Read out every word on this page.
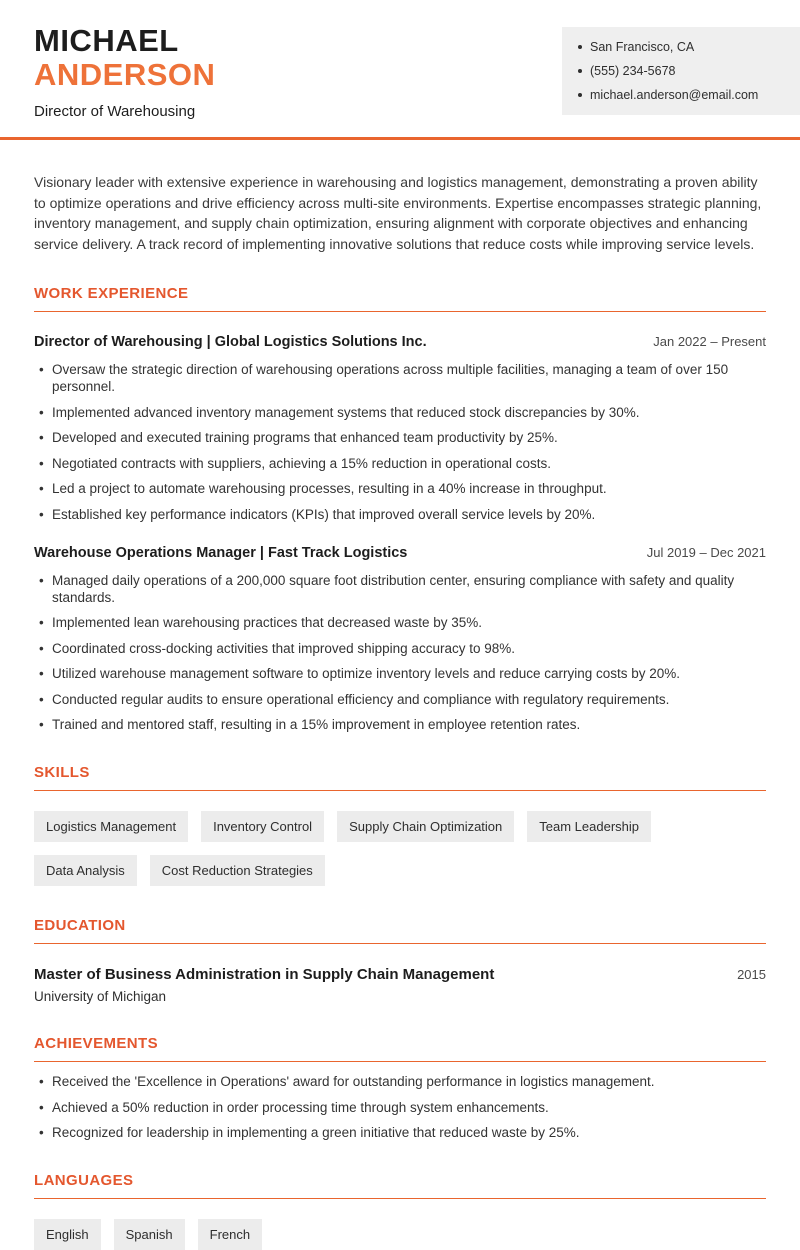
MICHAEL
ANDERSON
Director of Warehousing
San Francisco, CA
(555) 234-5678
michael.anderson@email.com

Visionary leader with extensive experience in warehousing and logistics management, demonstrating a proven ability to optimize operations and drive efficiency across multi-site environments. Expertise encompasses strategic planning, inventory management, and supply chain optimization, ensuring alignment with corporate objectives and enhancing service delivery. A track record of implementing innovative solutions that reduce costs while improving service levels.

WORK EXPERIENCE
Director of Warehousing | Global Logistics Solutions Inc.	Jan 2022 – Present
• Oversaw the strategic direction of warehousing operations across multiple facilities, managing a team of over 150 personnel.
• Implemented advanced inventory management systems that reduced stock discrepancies by 30%.
• Developed and executed training programs that enhanced team productivity by 25%.
• Negotiated contracts with suppliers, achieving a 15% reduction in operational costs.
• Led a project to automate warehousing processes, resulting in a 40% increase in throughput.
• Established key performance indicators (KPIs) that improved overall service levels by 20%.
Warehouse Operations Manager | Fast Track Logistics	Jul 2019 – Dec 2021
• Managed daily operations of a 200,000 square foot distribution center, ensuring compliance with safety and quality standards.
• Implemented lean warehousing practices that decreased waste by 35%.
• Coordinated cross-docking activities that improved shipping accuracy to 98%.
• Utilized warehouse management software to optimize inventory levels and reduce carrying costs by 20%.
• Conducted regular audits to ensure operational efficiency and compliance with regulatory requirements.
• Trained and mentored staff, resulting in a 15% improvement in employee retention rates.
SKILLS
Logistics Management	Inventory Control	Supply Chain Optimization	Team Leadership
Data Analysis	Cost Reduction Strategies
EDUCATION
Master of Business Administration in Supply Chain Management	2015
University of Michigan
ACHIEVEMENTS
• Received the 'Excellence in Operations' award for outstanding performance in logistics management.
• Achieved a 50% reduction in order processing time through system enhancements.
• Recognized for leadership in implementing a green initiative that reduced waste by 25%.
LANGUAGES
English	Spanish	French
